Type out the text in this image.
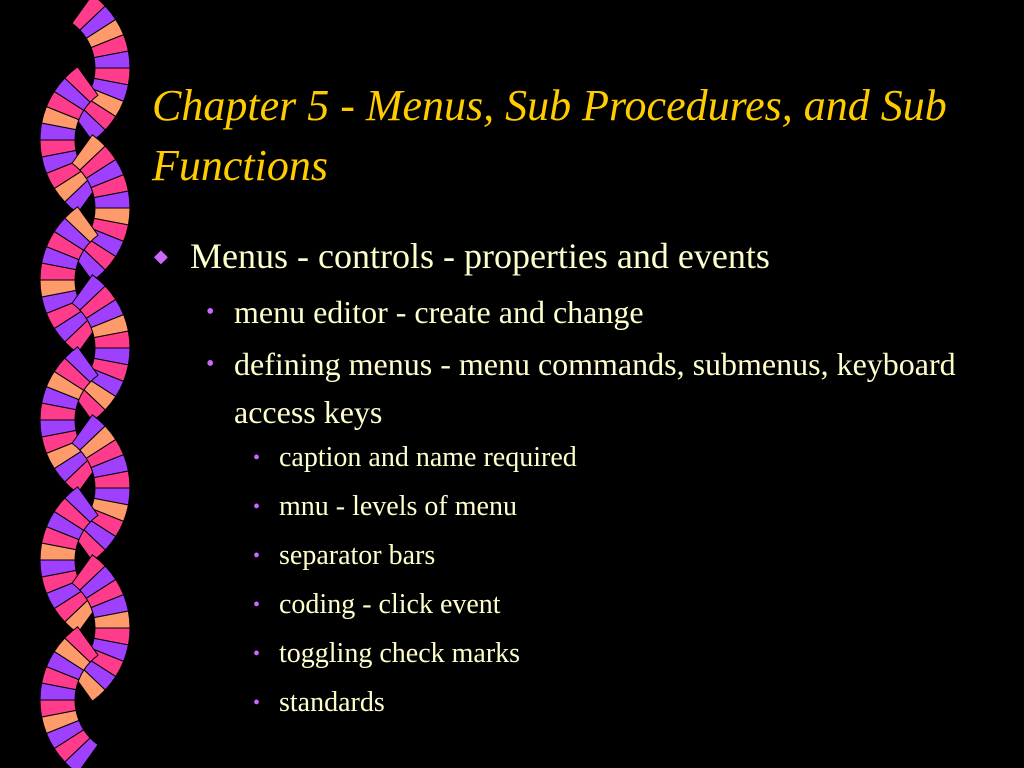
Chapter 5 - Menus, Sub Procedures, and Sub Functions
◆ Menus - controls - properties and events
• menu editor - create and change
• defining menus - menu commands, submenus, keyboard access keys
• caption and name required
• mnu - levels of menu
• separator bars
• coding - click event
• toggling check marks
• standards
